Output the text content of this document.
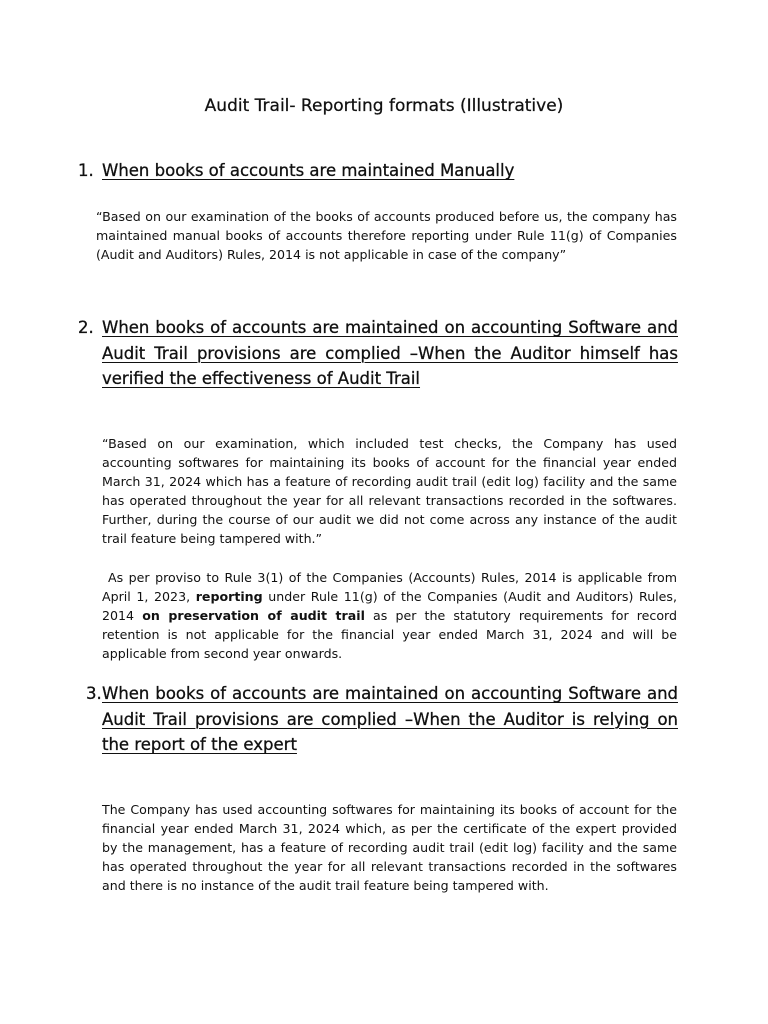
Audit Trail- Reporting formats (Illustrative)
1. When books of accounts are maintained Manually

“Based on our examination of the books of accounts produced before us, the company has maintained manual books of accounts therefore reporting under Rule 11(g) of Companies (Audit and Auditors) Rules, 2014 is not applicable in case of the company”

2. When books of accounts are maintained on accounting Software and Audit Trail provisions are complied –When the Auditor himself has verified the effectiveness of Audit Trail

“Based on our examination, which included test checks, the Company has used accounting softwares for maintaining its books of account for the financial year ended March 31, 2024 which has a feature of recording audit trail (edit log) facility and the same has operated throughout the year for all relevant transactions recorded in the softwares. Further, during the course of our audit we did not come across any instance of the audit trail feature being tampered with.”

As per proviso to Rule 3(1) of the Companies (Accounts) Rules, 2014 is applicable from April 1, 2023, reporting under Rule 11(g) of the Companies (Audit and Auditors) Rules, 2014 on preservation of audit trail as per the statutory requirements for record retention is not applicable for the financial year ended March 31, 2024 and will be applicable from second year onwards.

3. When books of accounts are maintained on accounting Software and Audit Trail provisions are complied –When the Auditor is relying on the report of the expert

The Company has used accounting softwares for maintaining its books of account for the financial year ended March 31, 2024 which, as per the certificate of the expert provided by the management, has a feature of recording audit trail (edit log) facility and the same has operated throughout the year for all relevant transactions recorded in the softwares and there is no instance of the audit trail feature being tampered with.
